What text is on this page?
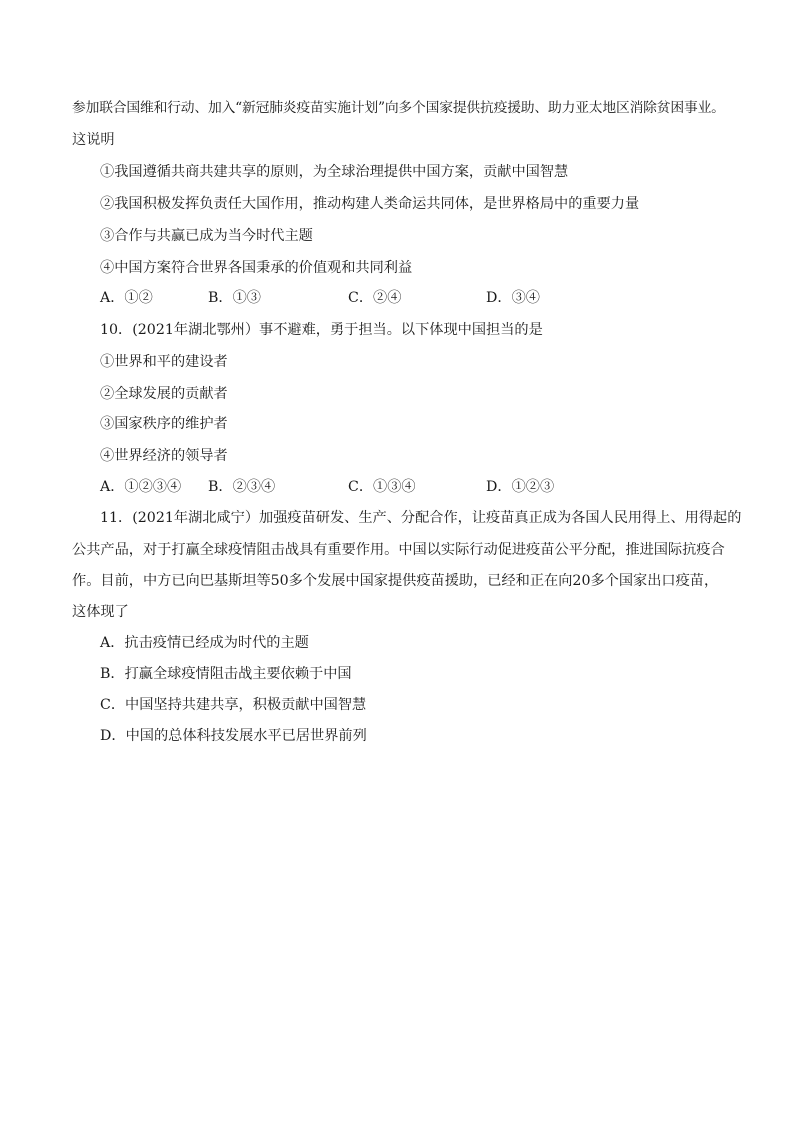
参加联合国维和行动、加入“新冠肺炎疫苗实施计划”向多个国家提供抗疫援助、助力亚太地区消除贫困事业。
这说明
①我国遵循共商共建共享的原则，为全球治理提供中国方案，贡献中国智慧
②我国积极发挥负责任大国作用，推动构建人类命运共同体，是世界格局中的重要力量
③合作与共赢已成为当今时代主题
④中国方案符合世界各国秉承的价值观和共同利益
A．①②	B．①③	C．②④	D．③④
10．(2021年湖北鄂州）事不避难，勇于担当。以下体现中国担当的是
①世界和平的建设者
②全球发展的贡献者
③国家秩序的维护者
④世界经济的领导者
A．①②③④ B．②③④	C．①③④	D．①②③
11．(2021年湖北咸宁）加强疫苗研发、生产、分配合作，让疫苗真正成为各国人民用得上、用得起的
公共产品，对于打赢全球疫情阻击战具有重要作用。中国以实际行动促进疫苗公平分配，推进国际抗疫合
作。目前，中方已向巴基斯坦等50多个发展中国家提供疫苗援助，已经和正在向20多个国家出口疫苗，
这体现了
A．抗击疫情已经成为时代的主题
B．打赢全球疫情阻击战主要依赖于中国
C．中国坚持共建共享，积极贡献中国智慧
D．中国的总体科技发展水平已居世界前列
